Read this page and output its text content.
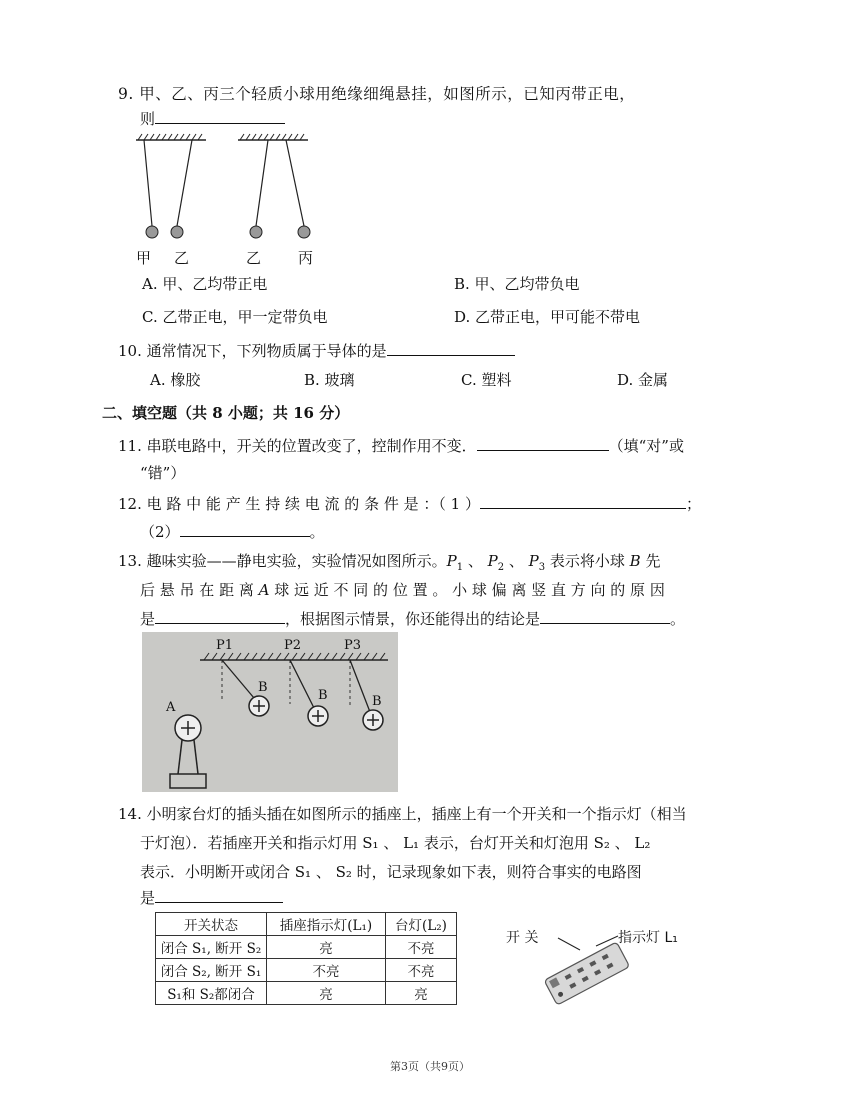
9. 甲、乙、丙三个轻质小球用绝缘细绳悬挂，如图所示，已知丙带正电，
则
甲 乙	乙 丙
A. 甲、乙均带正电	B. 甲、乙均带负电
C. 乙带正电，甲一定带负电	D. 乙带正电，甲可能不带电
10. 通常情况下，下列物质属于导体的是
A. 橡胶	B. 玻璃	C. 塑料	D. 金属
二、填空题（共 8 小题；共 16 分）
11. 串联电路中，开关的位置改变了，控制作用不变．	（填“对”或
“错”）
12. 电 路 中 能 产 生 持 续 电 流 的 条 件 是 ：（ 1 ）	；
（2）	。
13. 趣味实验——静电实验，实验情况如图所示。$P_1$ 、 $P_2$ 、 $P_3$ 表示将小球 B 先
后 悬 吊 在 距 离 A 球 远 近 不 同 的 位 置 。 小 球 偏 离 竖 直 方 向 的 原 因
是	，根据图示情景，你还能得出的结论是	。
P1	P2	P3
A
B
B	B
14. 小明家台灯的插头插在如图所示的插座上，插座上有一个开关和一个指示灯（相当
于灯泡）．若插座开关和指示灯用 S₁ 、 L₁ 表示，台灯开关和灯泡用 S₂ 、 L₂
表示．小明断开或闭合 S₁ 、 S₂ 时，记录现象如下表，则符合事实的电路图
是
开关状态	插座指示灯(L₁)	台灯(L₂)
闭合 S₁, 断开 S₂	亮	不亮
闭合 S₂, 断开 S₁	不亮	不亮
S₁和 S₂都闭合	亮	亮
开 关	指示灯 L₁
第3页（共9页）
